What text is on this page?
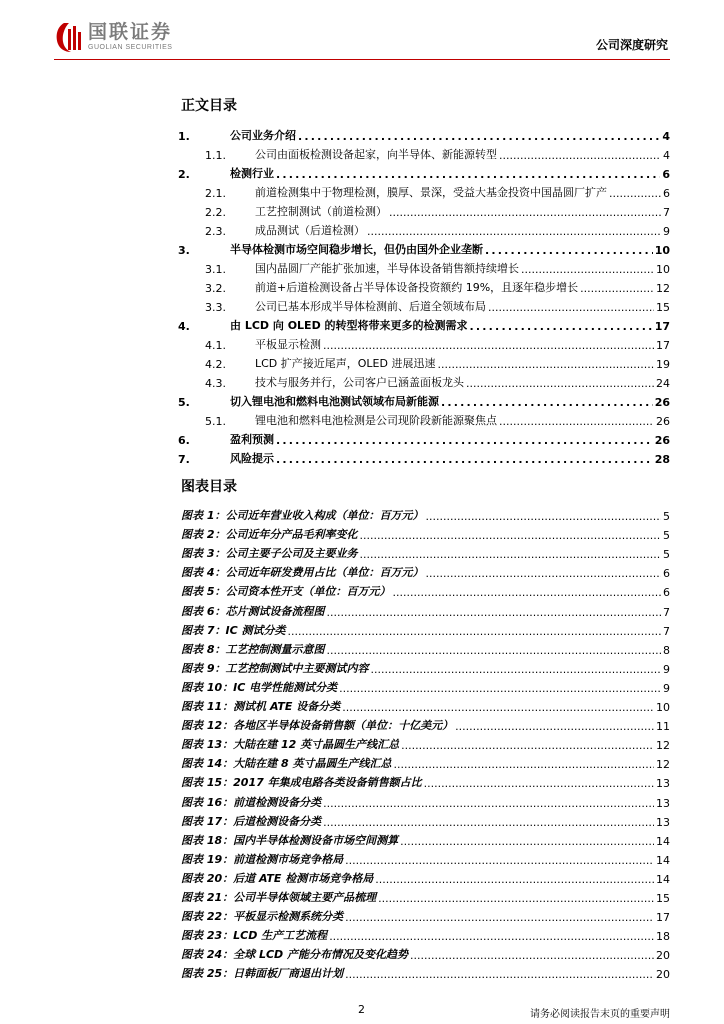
国联证券
GUOLIAN SECURITIES	公司深度研究
正文目录
1.	公司业务介绍 .....	4
1.1.	公司由面板检测设备起家，向半导体、新能源转型 .....	4
2.	检测行业 .....	6
2.1.	前道检测集中于物理检测，膜厚、景深，受益大基金投资中国晶圆厂扩产 .....	6
2.2.	工艺控制测试（前道检测） .....	7
2.3.	成品测试（后道检测） .....	9
3.	半导体检测市场空间稳步增长，但仍由国外企业垄断 .....	10
3.1.	国内晶圆厂产能扩张加速，半导体设备销售额持续增长 .....	10
3.2.	前道+后道检测设备占半导体设备投资额约 19%，且逐年稳步增长 .....	12
3.3.	公司已基本形成半导体检测前、后道全领域布局 .....	15
4.	由 LCD 向 OLED 的转型将带来更多的检测需求 .....	17
4.1.	平板显示检测 .....	17
4.2.	LCD 扩产接近尾声，OLED 进展迅速 .....	19
4.3.	技术与服务并行，公司客户已涵盖面板龙头 .....	24
5.	切入锂电池和燃料电池测试领域布局新能源 .....	26
5.1.	锂电池和燃料电池检测是公司现阶段新能源聚焦点 .....	26
6.	盈利预测 .....	26
7.	风险提示 .....	28
图表目录
图表 1：公司近年营业收入构成（单位：百万元） .....	5
图表 2：公司近年分产品毛利率变化 .....	5
图表 3：公司主要子公司及主要业务 .....	5
图表 4：公司近年研发费用占比（单位：百万元） .....	6
图表 5：公司资本性开支（单位：百万元） .....	6
图表 6：芯片测试设备流程图 .....	7
图表 7：IC 测试分类 .....	7
图表 8：工艺控制测量示意图 .....	8
图表 9：工艺控制测试中主要测试内容 .....	9
图表 10：IC 电学性能测试分类 .....	9
图表 11：测试机 ATE 设备分类 .....	10
图表 12：各地区半导体设备销售额（单位：十亿美元） .....	11
图表 13：大陆在建 12 英寸晶圆生产线汇总 .....	12
图表 14：大陆在建 8 英寸晶圆生产线汇总 .....	12
图表 15：2017 年集成电路各类设备销售额占比 .....	13
图表 16：前道检测设备分类 .....	13
图表 17：后道检测设备分类 .....	13
图表 18：国内半导体检测设备市场空间测算 .....	14
图表 19：前道检测市场竞争格局 .....	14
图表 20：后道 ATE 检测市场竞争格局 .....	14
图表 21：公司半导体领域主要产品梳理 .....	15
图表 22：平板显示检测系统分类 .....	17
图表 23：LCD 生产工艺流程 .....	18
图表 24：全球 LCD 产能分布情况及变化趋势 .....	20
图表 25：日韩面板厂商退出计划 .....	20
2	请务必阅读报告末页的重要声明
